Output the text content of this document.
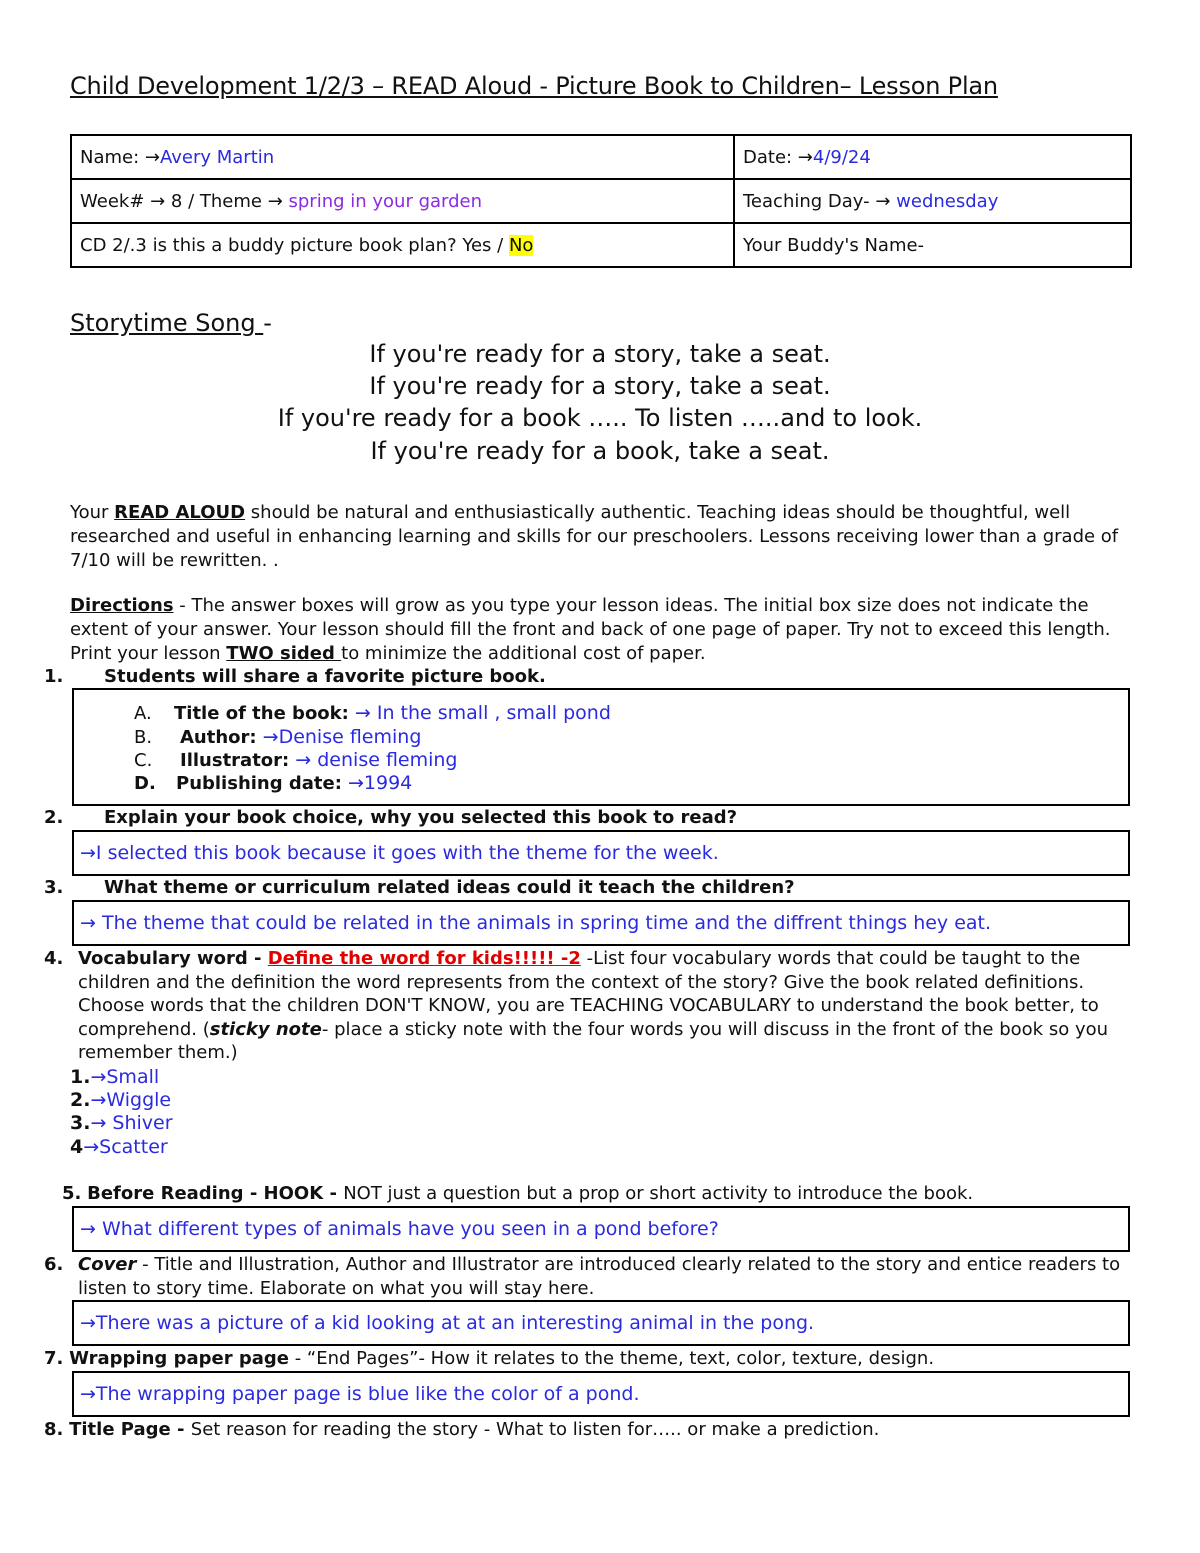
Child Development 1/2/3 – READ Aloud - Picture Book to Children– Lesson Plan
Name: →Avery Martin	Date: →4/9/24
Week# → 8 / Theme → spring in your garden	Teaching Day- → wednesday
CD 2/.3 is this a buddy picture book plan? Yes / No	Your Buddy's Name-
Storytime Song -
If you're ready for a story, take a seat.
If you're ready for a story, take a seat.
If you're ready for a book ….. To listen …..and to look.
If you're ready for a book, take a seat.
Your READ ALOUD should be natural and enthusiastically authentic. Teaching ideas should be thoughtful, well researched and useful in enhancing learning and skills for our preschoolers. Lessons receiving lower than a grade of 7/10 will be rewritten. .
Directions - The answer boxes will grow as you type your lesson ideas. The initial box size does not indicate the extent of your answer. Your lesson should fill the front and back of one page of paper. Try not to exceed this length. Print your lesson TWO sided to minimize the additional cost of paper.
1. Students will share a favorite picture book.
A. Title of the book: → In the small , small pond
B. Author: →Denise fleming
C. Illustrator: → denise fleming
D. Publishing date: →1994
2. Explain your book choice, why you selected this book to read?
→I selected this book because it goes with the theme for the week.
3. What theme or curriculum related ideas could it teach the children?
→ The theme that could be related in the animals in spring time and the diffrent things hey eat.
4. Vocabulary word - Define the word for kids!!!!! -2 -List four vocabulary words that could be taught to the children and the definition the word represents from the context of the story? Give the book related definitions. Choose words that the children DON'T KNOW, you are TEACHING VOCABULARY to understand the book better, to comprehend. (sticky note- place a sticky note with the four words you will discuss in the front of the book so you remember them.)
1.→Small
2.→Wiggle
3.→ Shiver
4→Scatter
5. Before Reading - HOOK - NOT just a question but a prop or short activity to introduce the book.
→ What different types of animals have you seen in a pond before?
6. Cover - Title and Illustration, Author and Illustrator are introduced clearly related to the story and entice readers to listen to story time. Elaborate on what you will stay here.
→There was a picture of a kid looking at at an interesting animal in the pong.
7. Wrapping paper page - “End Pages”- How it relates to the theme, text, color, texture, design.
→The wrapping paper page is blue like the color of a pond.
8. Title Page - Set reason for reading the story - What to listen for….. or make a prediction.
